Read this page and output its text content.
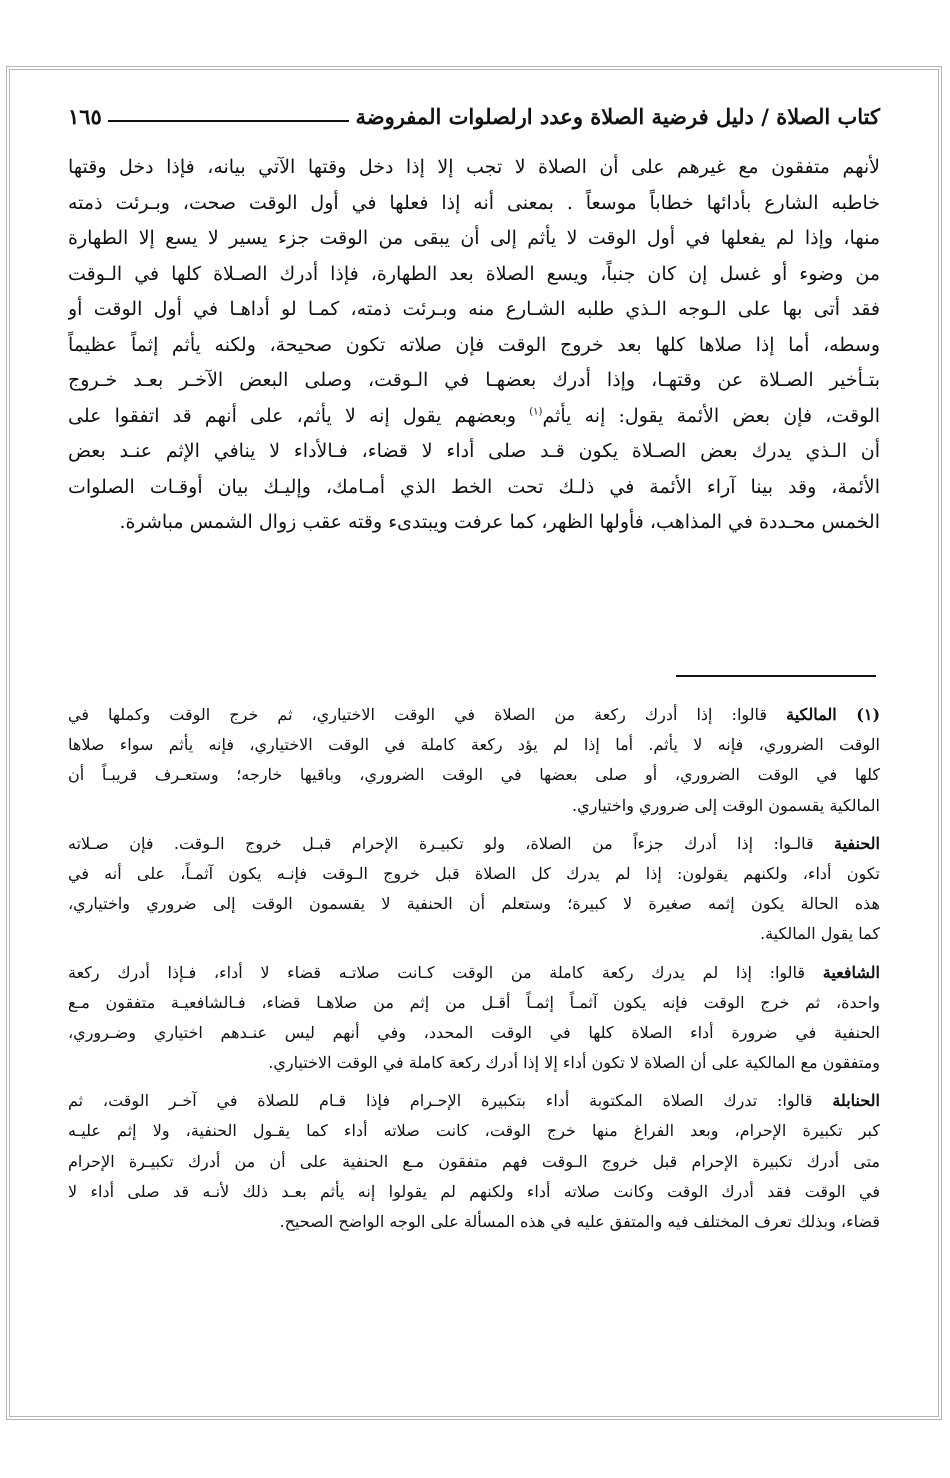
كتاب الصلاة / دليل فرضية الصلاة وعدد ارلصلوات المفروضة
١٦٥
لأنهم متفقون مع غيرهم على أن الصلاة لا تجب إلا إذا دخل وقتها الآتي بيانه، فإذا دخل وقتها
خاطبه الشارع بأدائها خطاباً موسعاً . بمعنى أنه إذا فعلها في أول الوقت صحت، وبـرئت ذمته
منها، وإذا لم يفعلها في أول الوقت لا يأثم إلى أن يبقى من الوقت جزء يسير لا يسع إلا الطهارة
من وضوء أو غسل إن كان جنباً، ويسع الصلاة بعد الطهارة، فإذا أدرك الصـلاة كلها في الـوقت
فقد أتى بها على الـوجه الـذي طلبه الشـارع منه وبـرئت ذمته، كمـا لو أداهـا في أول الوقت أو
وسطه، أما إذا صلاها كلها بعد خروج الوقت فإن صلاته تكون صحيحة، ولكنه يأثم إثماً عظيماً
بتـأخير الصـلاة عن وقتهـا، وإذا أدرك بعضهـا في الـوقت، وصلى البعض الآخـر بعـد خـروج
الوقت، فإن بعض الأئمة يقول: إنه يأثم$^{(١)}$ وبعضهم يقول إنه لا يأثم، على أنهم قد اتفقوا على
أن الـذي يدرك بعض الصـلاة يكون قـد صلى أداء لا قضاء، فـالأداء لا ينافي الإثم عنـد بعض
الأئمة، وقد بينا آراء الأئمة في ذلـك تحت الخط الذي أمـامك، وإليـك بيان أوقـات الصلوات
الخمس محـددة في المذاهب، فأولها الظهر، كما عرفت ويبتدىء وقته عقب زوال الشمس مباشرة.
(١) المالكية قالوا: إذا أدرك ركعة من الصلاة في الوقت الاختياري، ثم خرج الوقت وكملها في
الوقت الضروري، فإنه لا يأثم. أما إذا لم يؤد ركعة كاملة في الوقت الاختياري، فإنه يأثم سواء صلاها
كلها في الوقت الضروري، أو صلى بعضها في الوقت الضروري، وباقيها خارجه؛ وستعـرف قريبـاً أن
المالكية يقسمون الوقت إلى ضروري واختياري.
الحنفية قالـوا: إذا أدرك جزءاً من الصلاة، ولو تكبيـرة الإحرام قبـل خروج الـوقت. فإن صـلاته
تكون أداء، ولكنهم يقولون: إذا لم يدرك كل الصلاة قبل خروج الـوقت فإنـه يكون آثمـاً، على أنه في
هذه الحالة يكون إثمه صغيرة لا كبيرة؛ وستعلم أن الحنفية لا يقسمون الوقت إلى ضروري واختياري،
كما يقول المالكية.
الشافعية قالوا: إذا لم يدرك ركعة كاملة من الوقت كـانت صلاتـه قضاء لا أداء، فـإذا أدرك ركعة
واحدة، ثم خرج الوقت فإنه يكون آثمـاً إثمـاً أقـل من إثم من صلاهـا قضاء، فـالشافعيـة متفقون مـع
الحنفية في ضرورة أداء الصلاة كلها في الوقت المحدد، وفي أنهم ليس عنـدهم اختياري وضـروري،
ومتفقون مع المالكية على أن الصلاة لا تكون أداء إلا إذا أدرك ركعة كاملة في الوقت الاختياري.
الحنابلة قالوا: تدرك الصلاة المكتوبة أداء بتكبيرة الإحـرام فإذا قـام للصلاة في آخـر الوقت، ثم
كبر تكبيرة الإحرام، وبعد الفراغ منها خرج الوقت، كانت صلاته أداء كما يقـول الحنفية، ولا إثم عليـه
متى أدرك تكبيرة الإحرام قبل خروج الـوقت فهم متفقون مـع الحنفية على أن من أدرك تكبيـرة الإحرام
في الوقت فقد أدرك الوقت وكانت صلاته أداء ولكنهم لم يقولوا إنه يأثم بعـد ذلك لأنـه قد صلى أداء لا
قضاء، وبذلك تعرف المختلف فيه والمتفق عليه في هذه المسألة على الوجه الواضح الصحيح.
